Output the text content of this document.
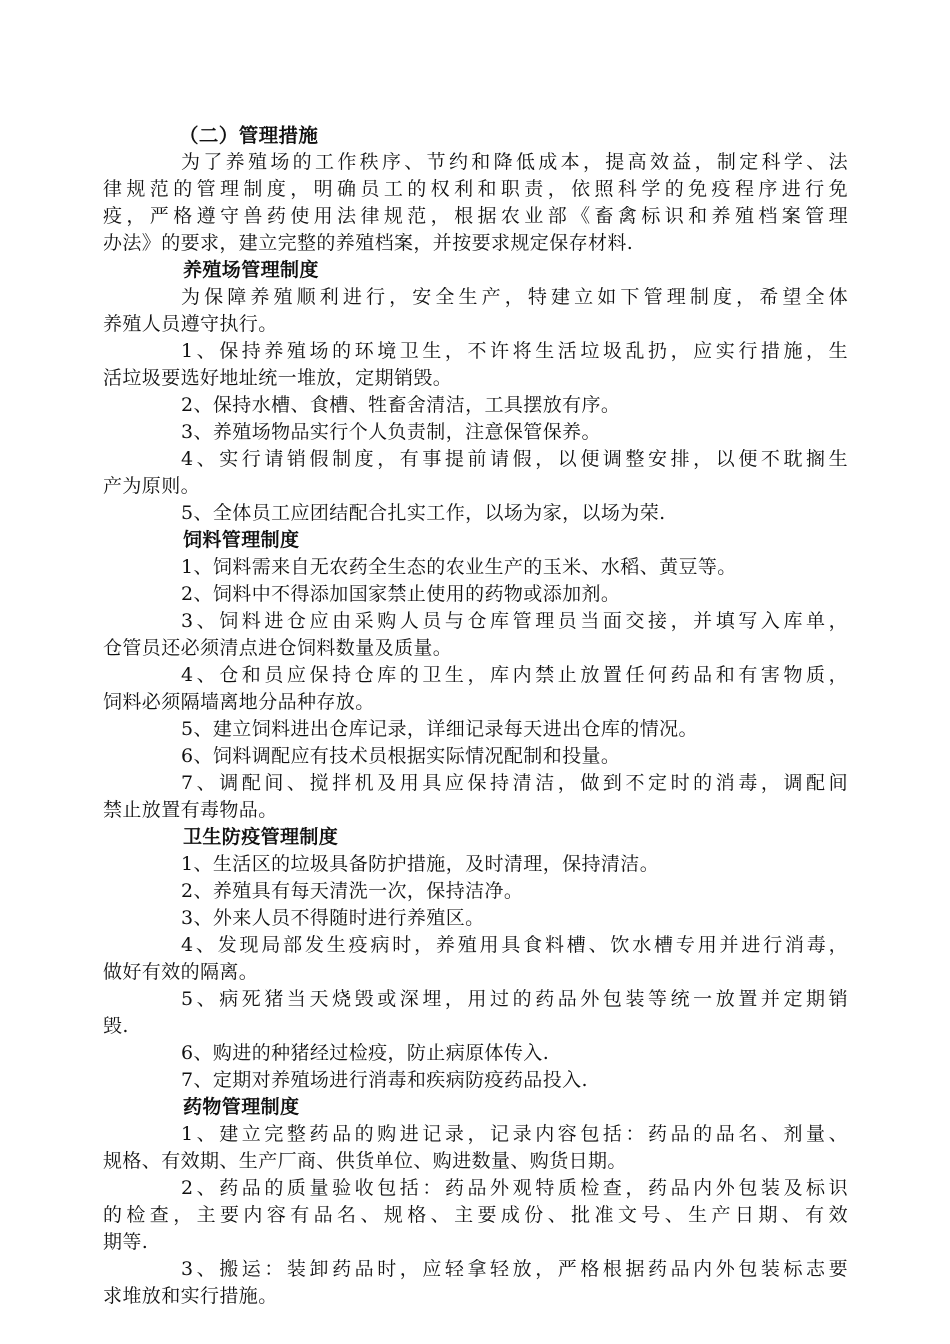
（二）管理措施
为了养殖场的工作秩序、节约和降低成本，提高效益，制定科学、法
律规范的管理制度，明确员工的权利和职责，依照科学的免疫程序进行免
疫，严格遵守兽药使用法律规范，根据农业部《畜禽标识和养殖档案管理
办法》的要求，建立完整的养殖档案，并按要求规定保存材料.
养殖场管理制度
为保障养殖顺利进行，安全生产，特建立如下管理制度，希望全体
养殖人员遵守执行。
1、保持养殖场的环境卫生，不许将生活垃圾乱扔，应实行措施，生
活垃圾要选好地址统一堆放，定期销毁。
2、保持水槽、食槽、牲畜舍清洁，工具摆放有序。
3、养殖场物品实行个人负责制，注意保管保养。
4、实行请销假制度，有事提前请假，以便调整安排，以便不耽搁生
产为原则。
5、全体员工应团结配合扎实工作，以场为家，以场为荣.
饲料管理制度
1、饲料需来自无农药全生态的农业生产的玉米、水稻、黄豆等。
2、饲料中不得添加国家禁止使用的药物或添加剂。
3、饲料进仓应由采购人员与仓库管理员当面交接，并填写入库单，
仓管员还必须清点进仓饲料数量及质量。
4、仓和员应保持仓库的卫生，库内禁止放置任何药品和有害物质，
饲料必须隔墙离地分品种存放。
5、建立饲料进出仓库记录，详细记录每天进出仓库的情况。
6、饲料调配应有技术员根据实际情况配制和投量。
7、调配间、搅拌机及用具应保持清洁，做到不定时的消毒，调配间
禁止放置有毒物品。
卫生防疫管理制度
1、生活区的垃圾具备防护措施，及时清理，保持清洁。
2、养殖具有每天清洗一次，保持洁净。
3、外来人员不得随时进行养殖区。
4、发现局部发生疫病时，养殖用具食料槽、饮水槽专用并进行消毒，
做好有效的隔离。
5、病死猪当天烧毁或深埋，用过的药品外包装等统一放置并定期销
毁.
6、购进的种猪经过检疫，防止病原体传入.
7、定期对养殖场进行消毒和疾病防疫药品投入.
药物管理制度
1、建立完整药品的购进记录，记录内容包括：药品的品名、剂量、
规格、有效期、生产厂商、供货单位、购进数量、购货日期。
2、药品的质量验收包括：药品外观特质检查，药品内外包装及标识
的检查，主要内容有品名、规格、主要成份、批准文号、生产日期、有效
期等.
3、搬运：装卸药品时，应轻拿轻放，严格根据药品内外包装标志要
求堆放和实行措施。
